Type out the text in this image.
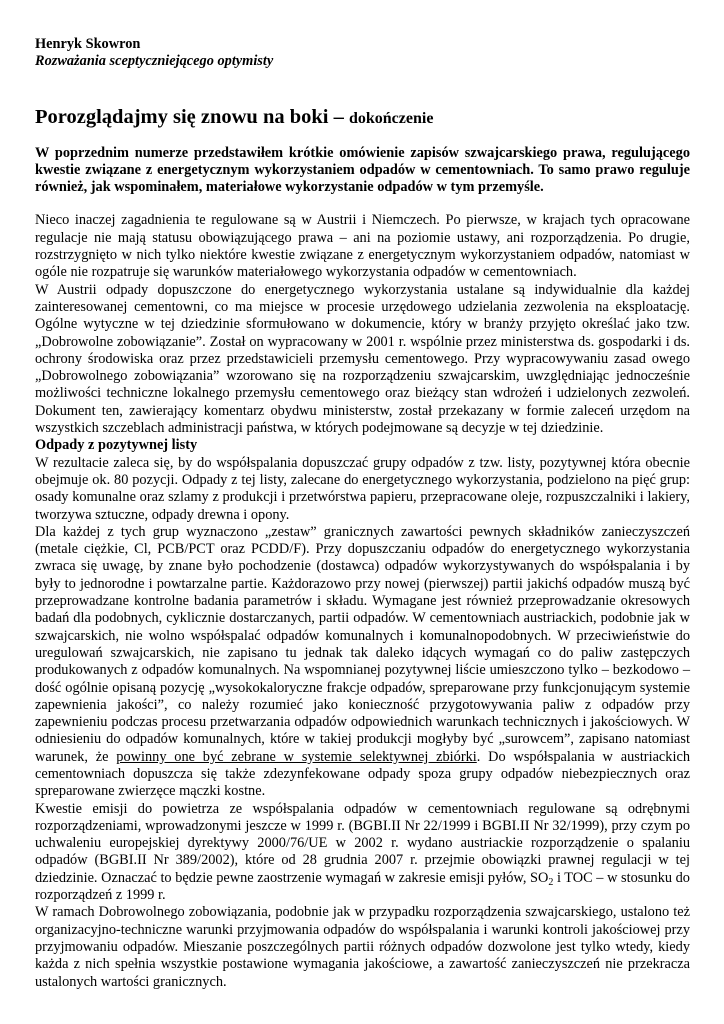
Henryk Skowron

Rozważania sceptyczniejącego optymisty

Porozglądajmy się znowu na boki – dokończenie

W poprzednim numerze przedstawiłem krótkie omówienie zapisów szwajcarskiego prawa, regulującego kwestie związane z energetycznym wykorzystaniem odpadów w cementowniach. To samo prawo reguluje również, jak wspominałem, materiałowe wykorzystanie odpadów w tym przemyśle.

Nieco inaczej zagadnienia te regulowane są w Austrii i Niemczech. Po pierwsze, w krajach tych opracowane regulacje nie mają statusu obowiązującego prawa – ani na poziomie ustawy, ani rozporządzenia. Po drugie, rozstrzygnięto w nich tylko niektóre kwestie związane z energetycznym wykorzystaniem odpadów, natomiast w ogóle nie rozpatruje się warunków materiałowego wykorzystania odpadów w cementowniach.

W Austrii odpady dopuszczone do energetycznego wykorzystania ustalane są indywidualnie dla każdej zainteresowanej cementowni, co ma miejsce w procesie urzędowego udzielania zezwolenia na eksploatację. Ogólne wytyczne w tej dziedzinie sformułowano w dokumencie, który w branży przyjęto określać jako tzw. „Dobrowolne zobowiązanie”. Został on wypracowany w 2001 r. wspólnie przez ministerstwa ds. gospodarki i ds. ochrony środowiska oraz przez przedstawicieli przemysłu cementowego. Przy wypracowywaniu zasad owego „Dobrowolnego zobowiązania” wzorowano się na rozporządzeniu szwajcarskim, uwzględniając jednocześnie możliwości techniczne lokalnego przemysłu cementowego oraz bieżący stan wdrożeń i udzielonych zezwoleń. Dokument ten, zawierający komentarz obydwu ministerstw, został przekazany w formie zaleceń urzędom na wszystkich szczeblach administracji państwa, w których podejmowane są decyzje w tej dziedzinie.

Odpady z pozytywnej listy

W rezultacie zaleca się, by do współspalania dopuszczać grupy odpadów z tzw. listy, pozytywnej która obecnie obejmuje ok. 80 pozycji. Odpady z tej listy, zalecane do energetycznego wykorzystania, podzielono na pięć grup: osady komunalne oraz szlamy z produkcji i przetwórstwa papieru, przepracowane oleje, rozpuszczalniki i lakiery, tworzywa sztuczne, odpady drewna i opony.

Dla każdej z tych grup wyznaczono „zestaw” granicznych zawartości pewnych składników zanieczyszczeń (metale ciężkie, Cl, PCB/PCT oraz PCDD/F). Przy dopuszczaniu odpadów do energetycznego wykorzystania zwraca się uwagę, by znane było pochodzenie (dostawca) odpadów wykorzystywanych do współspalania i by były to jednorodne i powtarzalne partie. Każdorazowo przy nowej (pierwszej) partii jakichś odpadów muszą być przeprowadzane kontrolne badania parametrów i składu. Wymagane jest również przeprowadzanie okresowych badań dla podobnych, cyklicznie dostarczanych, partii odpadów. W cementowniach austriackich, podobnie jak w szwajcarskich, nie wolno współspalać odpadów komunalnych i komunalnopodobnych. W przeciwieństwie do uregulowań szwajcarskich, nie zapisano tu jednak tak daleko idących wymagań co do paliw zastępczych produkowanych z odpadów komunalnych. Na wspomnianej pozytywnej liście umieszczono tylko – bezkodowo – dość ogólnie opisaną pozycję „wysokokaloryczne frakcje odpadów, spreparowane przy funkcjonującym systemie zapewnienia jakości”, co należy rozumieć jako konieczność przygotowywania paliw z odpadów przy zapewnieniu podczas procesu przetwarzania odpadów odpowiednich warunkach technicznych i jakościowych. W odniesieniu do odpadów komunalnych, które w takiej produkcji mogłyby być „surowcem”, zapisano natomiast warunek, że powinny one być zebrane w systemie selektywnej zbiórki. Do współspalania w austriackich cementowniach dopuszcza się także zdezynfekowane odpady spoza grupy odpadów niebezpiecznych oraz spreparowane zwierzęce mączki kostne.

Kwestie emisji do powietrza ze współspalania odpadów w cementowniach regulowane są odrębnymi rozporządzeniami, wprowadzonymi jeszcze w 1999 r. (BGBI.II Nr 22/1999 i BGBI.II Nr 32/1999), przy czym po uchwaleniu europejskiej dyrektywy 2000/76/UE w 2002 r. wydano austriackie rozporządzenie o spalaniu odpadów (BGBI.II Nr 389/2002), które od 28 grudnia 2007 r. przejmie obowiązki prawnej regulacji w tej dziedzinie. Oznaczać to będzie pewne zaostrzenie wymagań w zakresie emisji pyłów, $SO_2$ i TOC – w stosunku do rozporządzeń z 1999 r.

W ramach Dobrowolnego zobowiązania, podobnie jak w przypadku rozporządzenia szwajcarskiego, ustalono też organizacyjno-techniczne warunki przyjmowania odpadów do współspalania i warunki kontroli jakościowej przy przyjmowaniu odpadów. Mieszanie poszczególnych partii różnych odpadów dozwolone jest tylko wtedy, kiedy każda z nich spełnia wszystkie postawione wymagania jakościowe, a zawartość zanieczyszczeń nie przekracza ustalonych wartości granicznych.
